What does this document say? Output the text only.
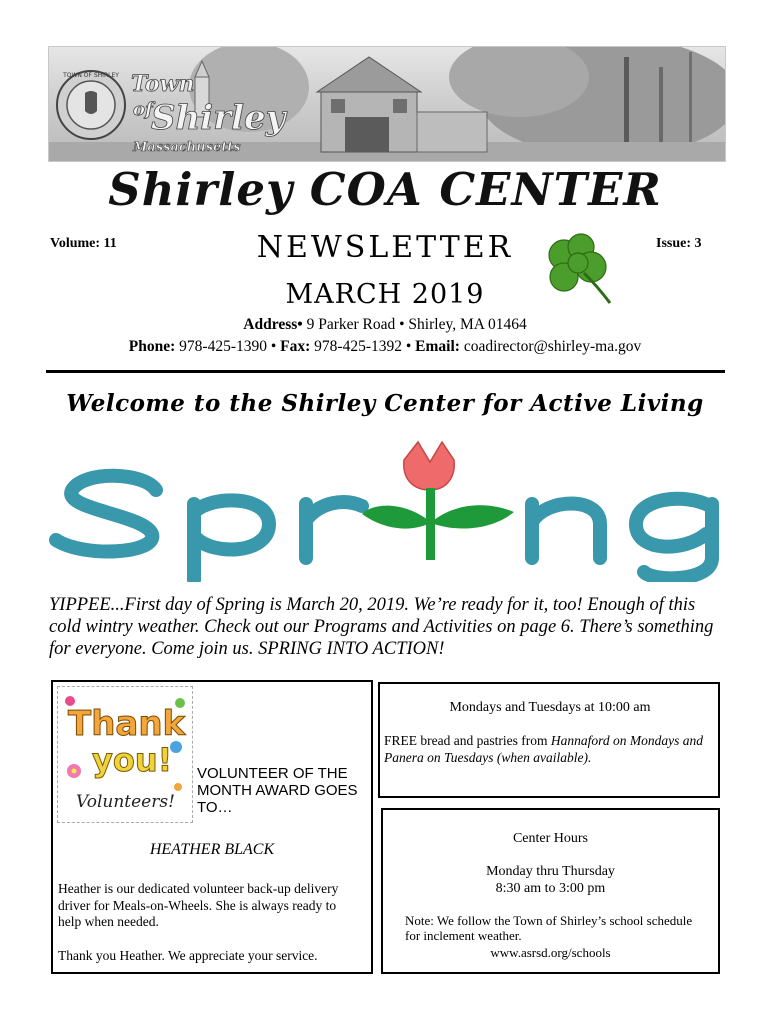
TOWN OF SHIRLEY Town
of
Shirley
Massachusetts
Shirley COA CENTER
Volume: 11	Issue: 3
NEWSLETTER
MARCH 2019
Address• 9 Parker Road • Shirley, MA 01464
Phone: 978-425-1390 • Fax: 978-425-1392 • Email: coadirector@shirley-ma.gov
Welcome to the Shirley Center for Active Living
Spring
YIPPEE...First day of Spring is March 20, 2019. We’re ready for it, too! Enough of this cold wintry weather. Check out our Programs and Activities on page 6. There’s something for everyone. Come join us. SPRING INTO ACTION!
Thank
you!
Volunteers!
VOLUNTEER OF THE MONTH AWARD GOES TO…
HEATHER BLACK
Heather is our dedicated volunteer back-up delivery driver for Meals-on-Wheels. She is always ready to help when needed.
Thank you Heather. We appreciate your service.
Mondays and Tuesdays at 10:00 am
FREE bread and pastries from Hannaford on Mondays and Panera on Tuesdays (when available).
Center Hours
Monday thru Thursday
8:30 am to 3:00 pm
Note: We follow the Town of Shirley’s school schedule for inclement weather.
www.asrsd.org/schools
